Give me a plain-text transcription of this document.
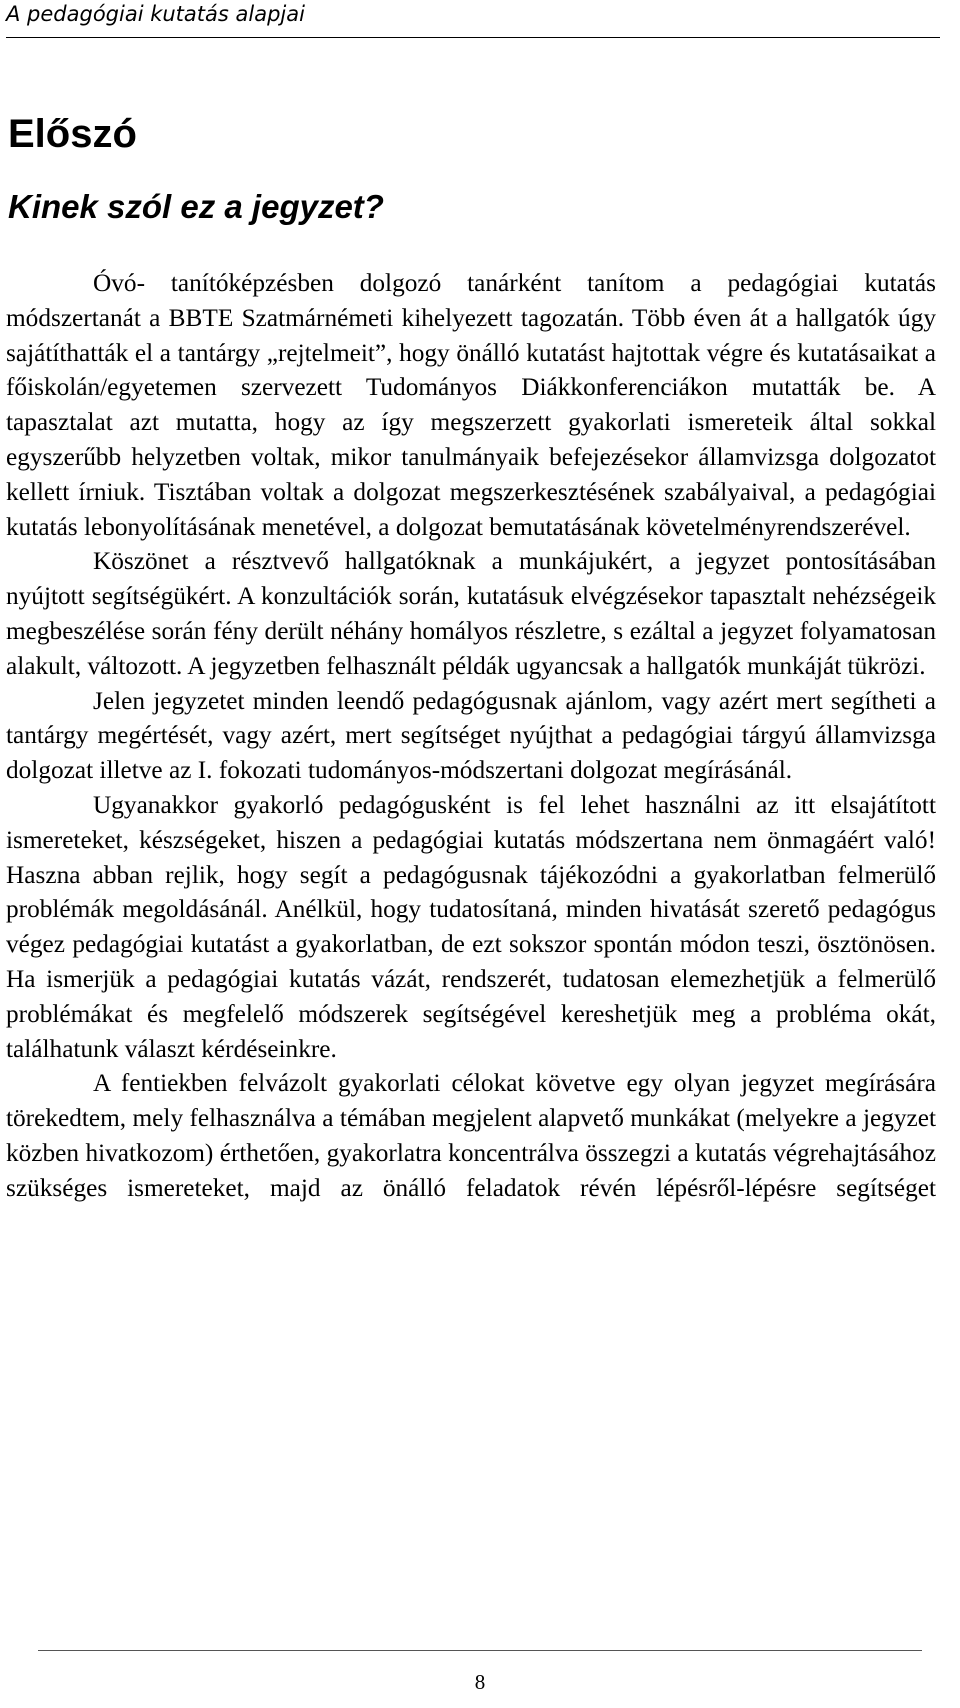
A pedagógiai kutatás alapjai
Előszó
Kinek szól ez a jegyzet?

Óvó- tanítóképzésben dolgozó tanárként tanítom a pedagógiai kutatás módszertanát a BBTE Szatmárnémeti kihelyezett tagozatán. Több éven át a hallgatók úgy sajátíthatták el a tantárgy „rejtelmeit”, hogy önálló kutatást hajtottak végre és kutatásaikat a főiskolán/egyetemen szervezett Tudományos Diákkonferenciákon mutatták be. A tapasztalat azt mutatta, hogy az így megszerzett gyakorlati ismereteik által sokkal egyszerűbb helyzetben voltak, mikor tanulmányaik befejezésekor államvizsga dolgozatot kellett írniuk. Tisztában voltak a dolgozat megszerkesztésének szabályaival, a pedagógiai kutatás lebonyolításának menetével, a dolgozat bemutatásának követelményrendszerével.

Köszönet a résztvevő hallgatóknak a munkájukért, a jegyzet pontosításában nyújtott segítségükért. A konzultációk során, kutatásuk elvégzésekor tapasztalt nehézségeik megbeszélése során fény derült néhány homályos részletre, s ezáltal a jegyzet folyamatosan alakult, változott. A jegyzetben felhasznált példák ugyancsak a hallgatók munkáját tükrözi.

Jelen jegyzetet minden leendő pedagógusnak ajánlom, vagy azért mert segítheti a tantárgy megértését, vagy azért, mert segítséget nyújthat a pedagógiai tárgyú államvizsga dolgozat illetve az I. fokozati tudományos-módszertani dolgozat megírásánál.

Ugyanakkor gyakorló pedagógusként is fel lehet használni az itt elsajátított ismereteket, készségeket, hiszen a pedagógiai kutatás módszertana nem önmagáért való! Haszna abban rejlik, hogy segít a pedagógusnak tájékozódni a gyakorlatban felmerülő problémák megoldásánál. Anélkül, hogy tudatosítaná, minden hivatását szerető pedagógus végez pedagógiai kutatást a gyakorlatban, de ezt sokszor spontán módon teszi, ösztönösen. Ha ismerjük a pedagógiai kutatás vázát, rendszerét, tudatosan elemezhetjük a felmerülő problémákat és megfelelő módszerek segítségével kereshetjük meg a probléma okát, találhatunk választ kérdéseinkre.

A fentiekben felvázolt gyakorlati célokat követve egy olyan jegyzet megírására törekedtem, mely felhasználva a témában megjelent alapvető munkákat (melyekre a jegyzet közben hivatkozom) érthetően, gyakorlatra koncentrálva összegzi a kutatás végrehajtásához szükséges ismereteket, majd az önálló feladatok révén lépésről-lépésre segítséget

8
